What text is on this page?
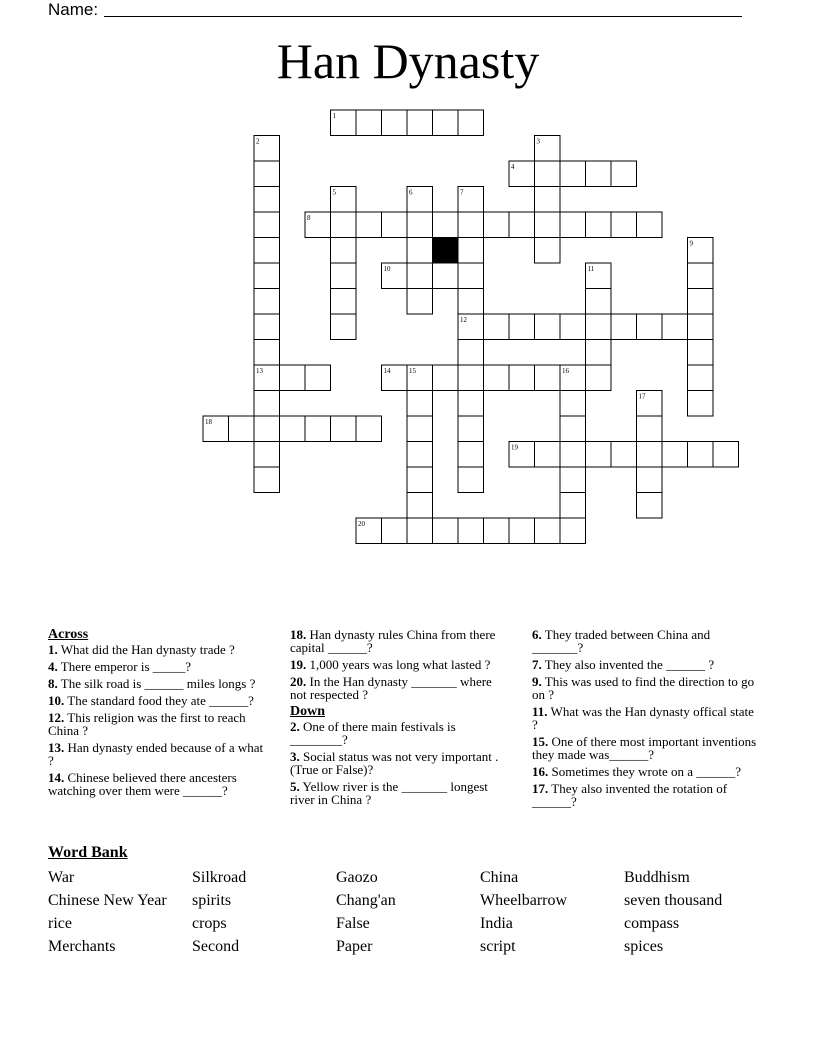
Name:
Han Dynasty
1
2	3
4
5	6	7
8
9
10	11
12
13	14	15	16
17
18
19
20
Across
1. What did the Han dynasty trade ?
4. There emperor is _____?
8. The silk road is ______ miles longs ?
10. The standard food they ate ______?
12. This religion was the first to reach China ?
13. Han dynasty ended because of a what ?
14. Chinese believed there ancesters watching over them were ______?
18. Han dynasty rules China from there capital ______?
19. 1,000 years was long what lasted ?
20. In the Han dynasty _______ where not respected ?
Down
2. One of there main festivals is ________?
3. Social status was not very important . (True or False)?
5. Yellow river is the _______ longest river in China ?
6. They traded between China and _______?
7. They also invented the ______ ?
9. This was used to find the direction to go on ?
11. What was the Han dynasty offical state ?
15. One of there most important inventions they made was______?
16. Sometimes they wrote on a ______?
17. They also invented the rotation of ______?
Word Bank
War	Silkroad	Gaozo	China	Buddhism
Chinese New Year	spirits	Chang'an	Wheelbarrow	seven thousand
rice	crops	False	India	compass
Merchants	Second	Paper	script	spices
